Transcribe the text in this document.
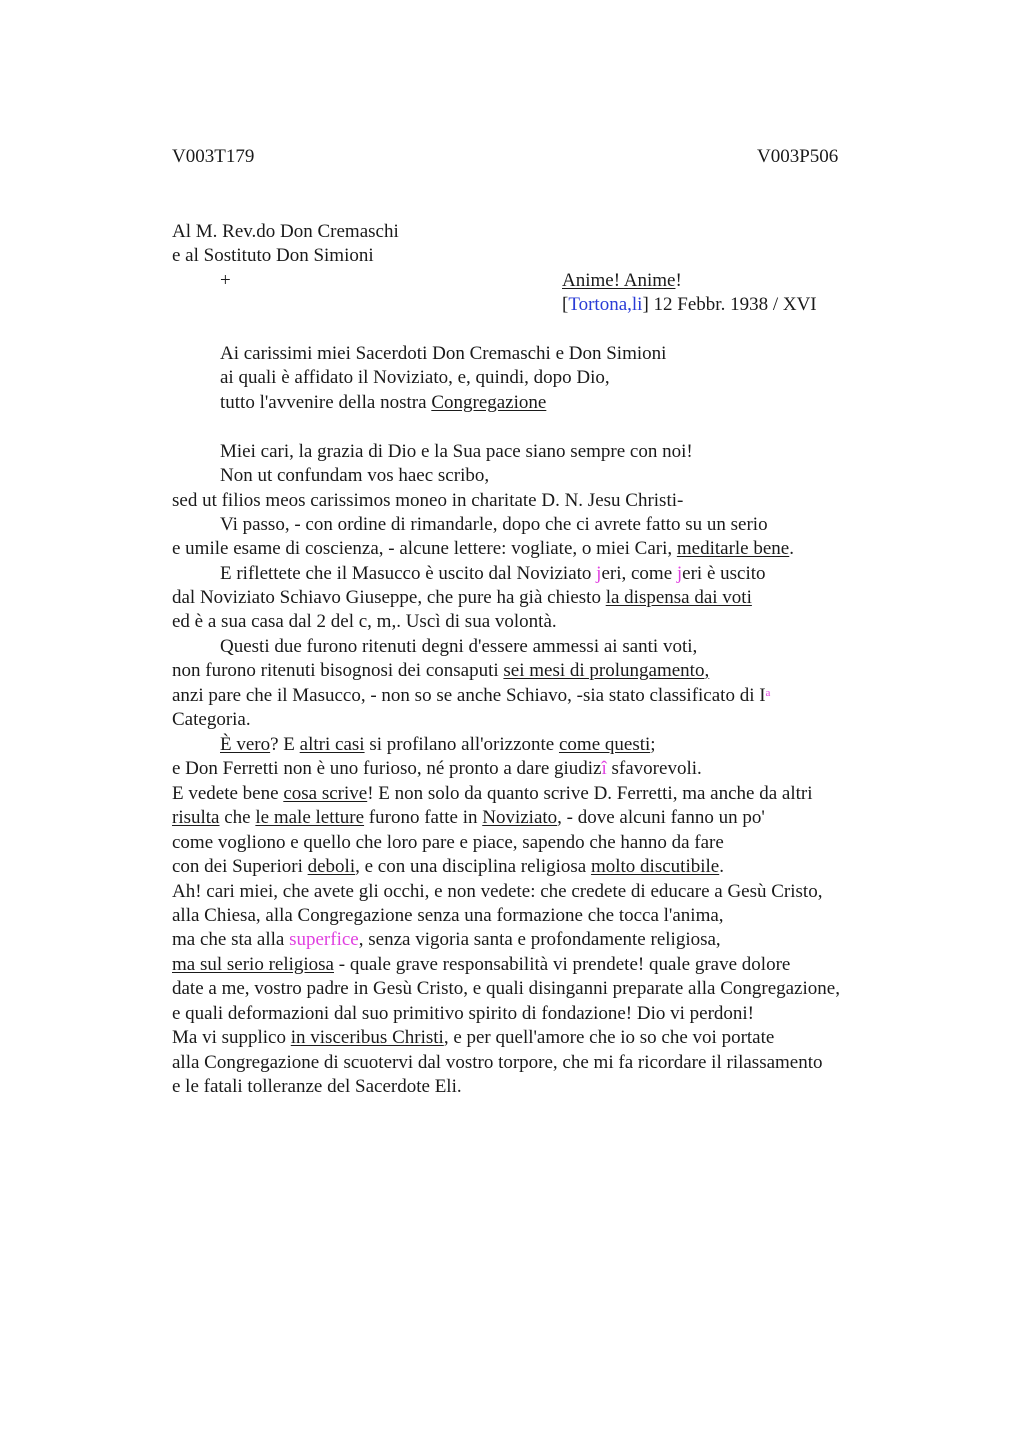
V003T179	V003P506
Al M. Rev.do Don Cremaschi
e al Sostituto Don Simioni
+	Anime! Anime!
[Tortona,li] 12 Febbr. 1938 / XVI
Ai carissimi miei Sacerdoti Don Cremaschi e Don Simioni
ai quali è affidato il Noviziato, e, quindi, dopo Dio,
tutto l'avvenire della nostra Congregazione
Miei cari, la grazia di Dio e la Sua pace siano sempre con noi!
Non ut confundam vos haec scribo,
sed ut filios meos carissimos moneo in charitate D. N. Jesu Christi-
Vi passo, - con ordine di rimandarle, dopo che ci avrete fatto su un serio
e umile esame di coscienza, - alcune lettere: vogliate, o miei Cari, meditarle bene.
E riflettete che il Masucco è uscito dal Noviziato jeri, come jeri è uscito
dal Noviziato Schiavo Giuseppe, che pure ha già chiesto la dispensa dai voti
ed è a sua casa dal 2 del c, m,. Uscì di sua volontà.
Questi due furono ritenuti degni d'essere ammessi ai santi voti,
non furono ritenuti bisognosi dei consaputi sei mesi di prolungamento,
anzi pare che il Masucco, - non so se anche Schiavo, -sia stato classificato di $I^a$
Categoria.
È vero? E altri casi si profilano all'orizzonte come questi;
e Don Ferretti non è uno furioso, né pronto a dare giudizî sfavorevoli.
E vedete bene cosa scrive! E non solo da quanto scrive D. Ferretti, ma anche da altri
risulta che le male letture furono fatte in Noviziato, - dove alcuni fanno un po'
come vogliono e quello che loro pare e piace, sapendo che hanno da fare
con dei Superiori deboli, e con una disciplina religiosa molto discutibile.
Ah! cari miei, che avete gli occhi, e non vedete: che credete di educare a Gesù Cristo,
alla Chiesa, alla Congregazione senza una formazione che tocca l'anima,
ma che sta alla superfice, senza vigoria santa e profondamente religiosa,
ma sul serio religiosa - quale grave responsabilità vi prendete! quale grave dolore
date a me, vostro padre in Gesù Cristo, e quali disinganni preparate alla Congregazione,
e quali deformazioni dal suo primitivo spirito di fondazione! Dio vi perdoni!
Ma vi supplico in visceribus Christi, e per quell'amore che io so che voi portate
alla Congregazione di scuotervi dal vostro torpore, che mi fa ricordare il rilassamento
e le fatali tolleranze del Sacerdote Eli.
